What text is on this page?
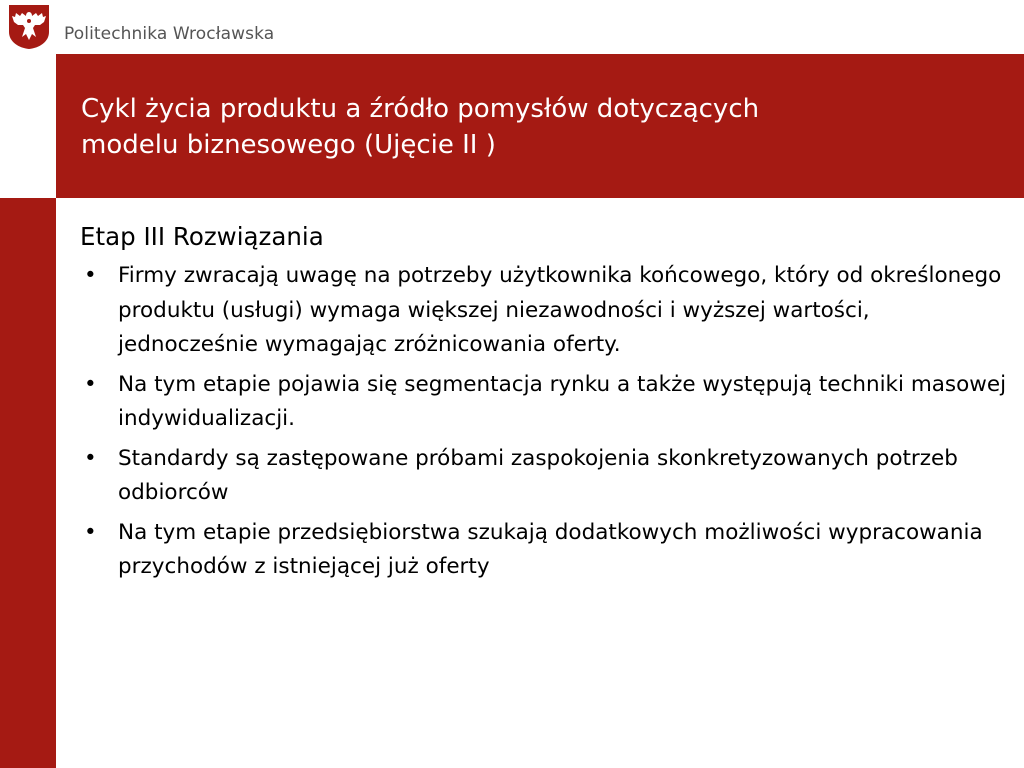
Politechnika Wrocławska
Cykl życia produktu a źródło pomysłów dotyczących
modelu biznesowego (Ujęcie II )
Etap III Rozwiązania
• Firmy zwracają uwagę na potrzeby użytkownika końcowego, który od określonego produktu (usługi) wymaga większej niezawodności i wyższej wartości, jednocześnie wymagając zróżnicowania oferty.
• Na tym etapie pojawia się segmentacja rynku a także występują techniki masowej indywidualizacji.
• Standardy są zastępowane próbami zaspokojenia skonkretyzowanych potrzeb odbiorców
• Na tym etapie przedsiębiorstwa szukają dodatkowych możliwości wypracowania przychodów z istniejącej już oferty
